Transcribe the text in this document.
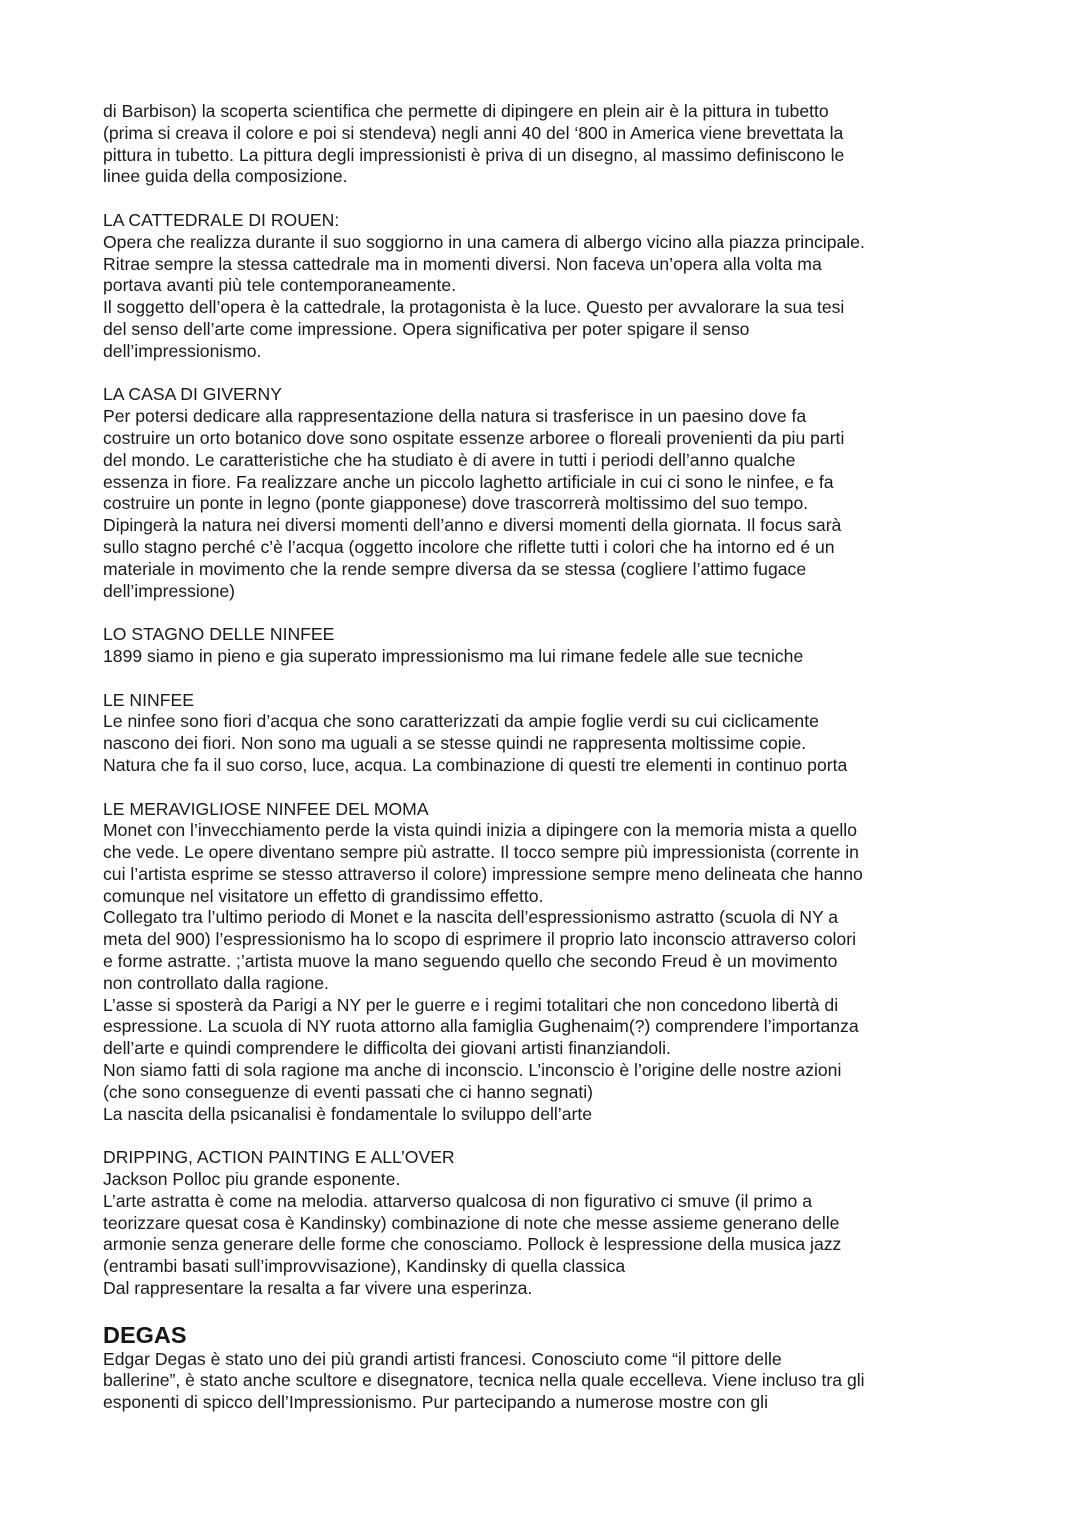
di Barbison) la scoperta scientifica che permette di dipingere en plein air è la pittura in tubetto
(prima si creava il colore e poi si stendeva) negli anni 40 del ‘800 in America viene brevettata la
pittura in tubetto. La pittura degli impressionisti è priva di un disegno, al massimo definiscono le
linee guida della composizione.
LA CATTEDRALE DI ROUEN:
Opera che realizza durante il suo soggiorno in una camera di albergo vicino alla piazza principale.
Ritrae sempre la stessa cattedrale ma in momenti diversi. Non faceva un’opera alla volta ma
portava avanti più tele contemporaneamente.
Il soggetto dell’opera è la cattedrale, la protagonista è la luce. Questo per avvalorare la sua tesi
del senso dell’arte come impressione. Opera significativa per poter spigare il senso
dell’impressionismo.
LA CASA DI GIVERNY
Per potersi dedicare alla rappresentazione della natura si trasferisce in un paesino dove fa
costruire un orto botanico dove sono ospitate essenze arboree o floreali provenienti da piu parti
del mondo. Le caratteristiche che ha studiato è di avere in tutti i periodi dell’anno qualche
essenza in fiore. Fa realizzare anche un piccolo laghetto artificiale in cui ci sono le ninfee, e fa
costruire un ponte in legno (ponte giapponese) dove trascorrerà moltissimo del suo tempo.
Dipingerà la natura nei diversi momenti dell’anno e diversi momenti della giornata. Il focus sarà
sullo stagno perché c’è l’acqua (oggetto incolore che riflette tutti i colori che ha intorno ed é un
materiale in movimento che la rende sempre diversa da se stessa (cogliere l’attimo fugace
dell’impressione)
LO STAGNO DELLE NINFEE
1899 siamo in pieno e gia superato impressionismo ma lui rimane fedele alle sue tecniche
LE NINFEE
Le ninfee sono fiori d’acqua che sono caratterizzati da ampie foglie verdi su cui ciclicamente
nascono dei fiori. Non sono ma uguali a se stesse quindi ne rappresenta moltissime copie.
Natura che fa il suo corso, luce, acqua. La combinazione di questi tre elementi in continuo porta
LE MERAVIGLIOSE NINFEE DEL MOMA
Monet con l’invecchiamento perde la vista quindi inizia a dipingere con la memoria mista a quello
che vede. Le opere diventano sempre più astratte. Il tocco sempre più impressionista (corrente in
cui l’artista esprime se stesso attraverso il colore) impressione sempre meno delineata che hanno
comunque nel visitatore un effetto di grandissimo effetto.
Collegato tra l’ultimo periodo di Monet e la nascita dell’espressionismo astratto (scuola di NY a
meta del 900) l’espressionismo ha lo scopo di esprimere il proprio lato inconscio attraverso colori
e forme astratte. ;’artista muove la mano seguendo quello che secondo Freud è un movimento
non controllato dalla ragione.
L’asse si sposterà da Parigi a NY per le guerre e i regimi totalitari che non concedono libertà di
espressione. La scuola di NY ruota attorno alla famiglia Gughenaim(?) comprendere l’importanza
dell’arte e quindi comprendere le difficolta dei giovani artisti finanziandoli.
Non siamo fatti di sola ragione ma anche di inconscio. L’inconscio è l’origine delle nostre azioni
(che sono conseguenze di eventi passati che ci hanno segnati)
La nascita della psicanalisi è fondamentale lo sviluppo dell’arte
DRIPPING, ACTION PAINTING E ALL’OVER
Jackson Polloc piu grande esponente.
L’arte astratta è come na melodia. attarverso qualcosa di non figurativo ci smuve (il primo a
teorizzare quesat cosa è Kandinsky) combinazione di note che messe assieme generano delle
armonie senza generare delle forme che conosciamo. Pollock è lespressione della musica jazz
(entrambi basati sull’improvvisazione), Kandinsky di quella classica
Dal rappresentare la resalta a far vivere una esperinza.
DEGAS
Edgar Degas è stato uno dei più grandi artisti francesi. Conosciuto come “il pittore delle
ballerine”, è stato anche scultore e disegnatore, tecnica nella quale eccelleva. Viene incluso tra gli
esponenti di spicco dell’Impressionismo. Pur partecipando a numerose mostre con gli
